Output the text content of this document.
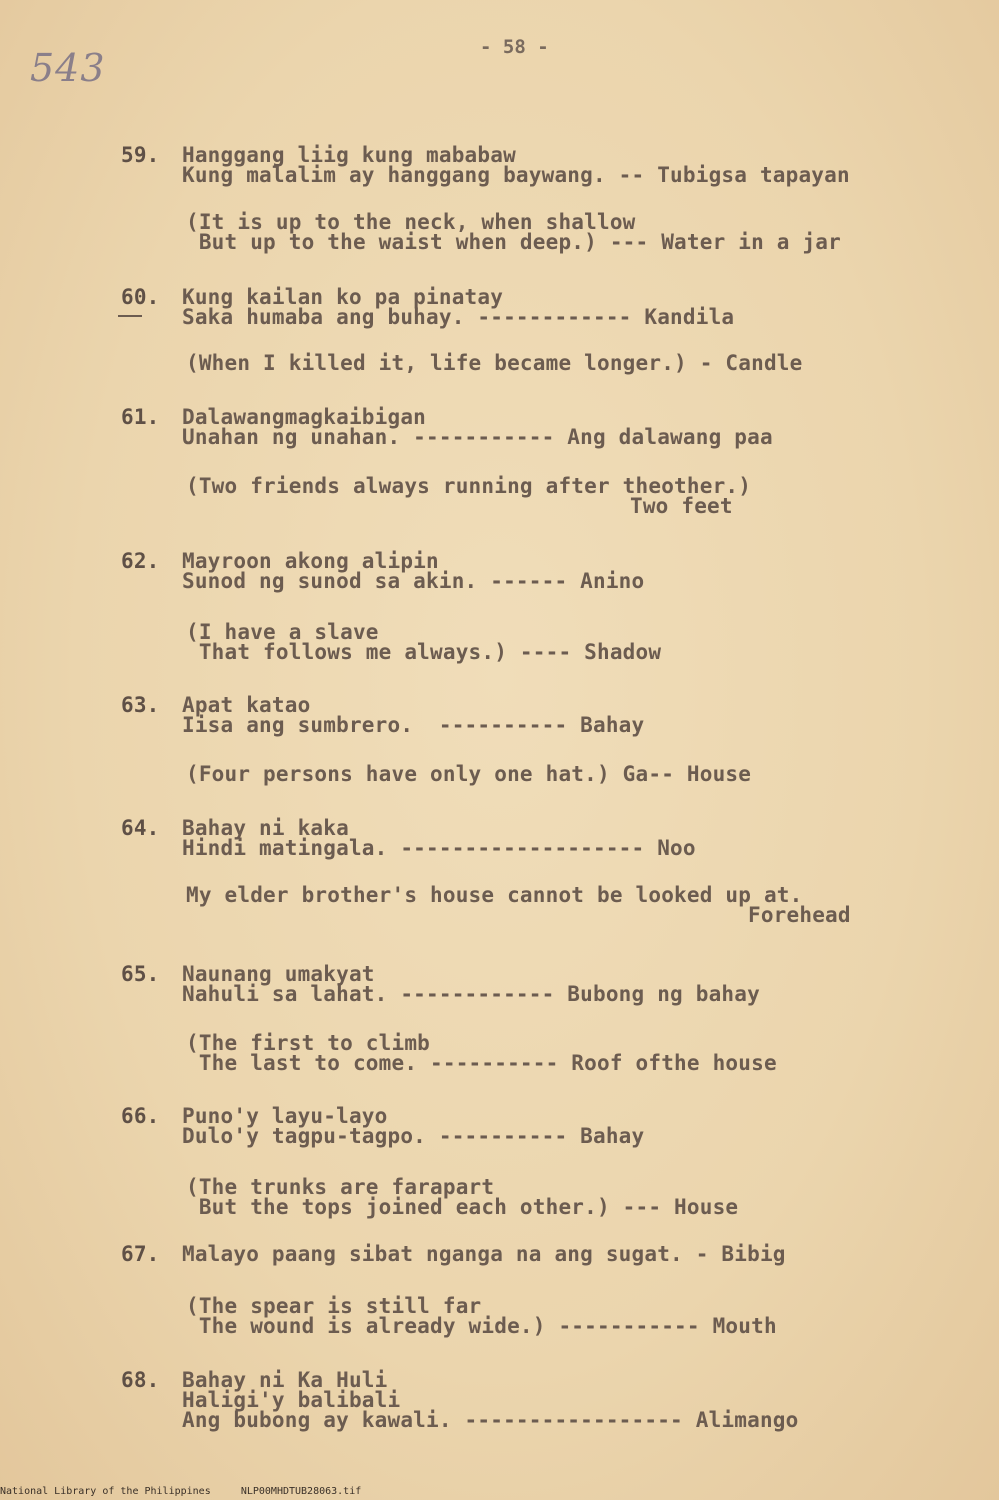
543	- 58 -
59. Hanggang liig kung mababaw
Kung malalim ay hanggang baywang. -- Tubigsa tapayan
(It is up to the neck, when shallow
But up to the waist when deep.) --- Water in a jar
60. Kung kailan ko pa pinatay
Saka humaba ang buhay. ------------ Kandila
(When I killed it, life became longer.) - Candle
61. Dalawangmagkaibigan
Unahan ng unahan. ----------- Ang dalawang paa
(Two friends always running after theother.)
Two feet
62. Mayroon akong alipin
Sunod ng sunod sa akin. ------ Anino
(I have a slave
That follows me always.) ---- Shadow
63. Apat katao
Iisa ang sumbrero.  ---------- Bahay
(Four persons have only one hat.) Ga-- House
64. Bahay ni kaka
Hindi matingala. ------------------- Noo
My elder brother's house cannot be looked up at.
Forehead
65. Naunang umakyat
Nahuli sa lahat. ------------ Bubong ng bahay
(The first to climb
The last to come. ---------- Roof ofthe house
66. Puno'y layu-layo
Dulo'y tagpu-tagpo. ---------- Bahay
(The trunks are farapart
But the tops joined each other.) --- House
67. Malayo paang sibat nganga na ang sugat. - Bibig
(The spear is still far
The wound is already wide.) ----------- Mouth
68. Bahay ni Ka Huli
Haligi'y balibali
Ang bubong ay kawali. ----------------- Alimango
National Library of the Philippines     NLP00MHDTUB28063.tif
